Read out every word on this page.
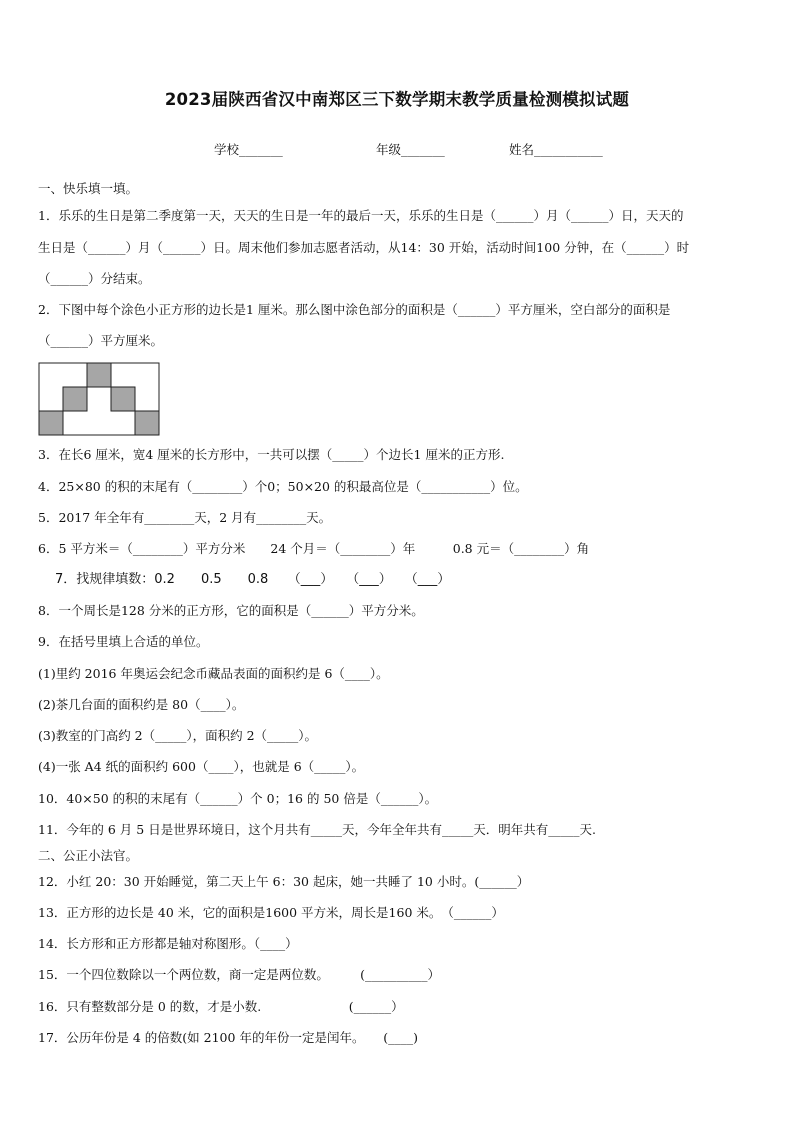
2023届陕西省汉中南郑区三下数学期末教学质量检测模拟试题
学校_______	年级_______	姓名___________
一、快乐填一填。
1．乐乐的生日是第二季度第一天，天天的生日是一年的最后一天，乐乐的生日是（______）月（______）日，天天的
生日是（______）月（______）日。周末他们参加志愿者活动，从14：30 开始，活动时间100 分钟，在（______）时
（______）分结束。
2．下图中每个涂色小正方形的边长是1 厘米。那么图中涂色部分的面积是（______）平方厘米，空白部分的面积是
（______）平方厘米。
3．在长6 厘米，宽4 厘米的长方形中，一共可以摆（_____）个边长1 厘米的正方形.
4．25×80 的积的末尾有（________）个0；50×20 的积最高位是（___________）位。
5．2017 年全年有________天，2 月有________天。
6．5 平方米＝（________）平方分米　　24 个月＝（________）年　　　0.8 元＝（________）角
7．找规律填数：0.2　　0.5　　0.8　　（___）　　（___）　　（___）
8．一个周长是128 分米的正方形，它的面积是（______）平方分米。
9．在括号里填上合适的单位。
(1)里约 2016 年奥运会纪念币藏品表面的面积约是 6（____）。
(2)茶几台面的面积约是 80（____）。
(3)教室的门高约 2（_____），面积约 2（_____）。
(4)一张 A4 纸的面积约 600（____），也就是 6（_____）。
10．40×50 的积的末尾有（______）个 0；16 的 50 倍是（______）。
11．今年的 6 月 5 日是世界环境日，这个月共有_____天，今年全年共有_____天．明年共有_____天.
二、公正小法官。
12．小红 20：30 开始睡觉，第二天上午 6：30 起床，她一共睡了 10 小时。(______）
13．正方形的边长是 40 米，它的面积是1600 平方米，周长是160 米。　（______）
14．长方形和正方形都是轴对称图形。（____）
15．一个四位数除以一个两位数，商一定是两位数。　　　(__________）
16．只有整数部分是 0 的数，才是小数.　　　　　　　(______）
17．公历年份是 4 的倍数(如 2100 年的年份一定是闰年。　　(____)
